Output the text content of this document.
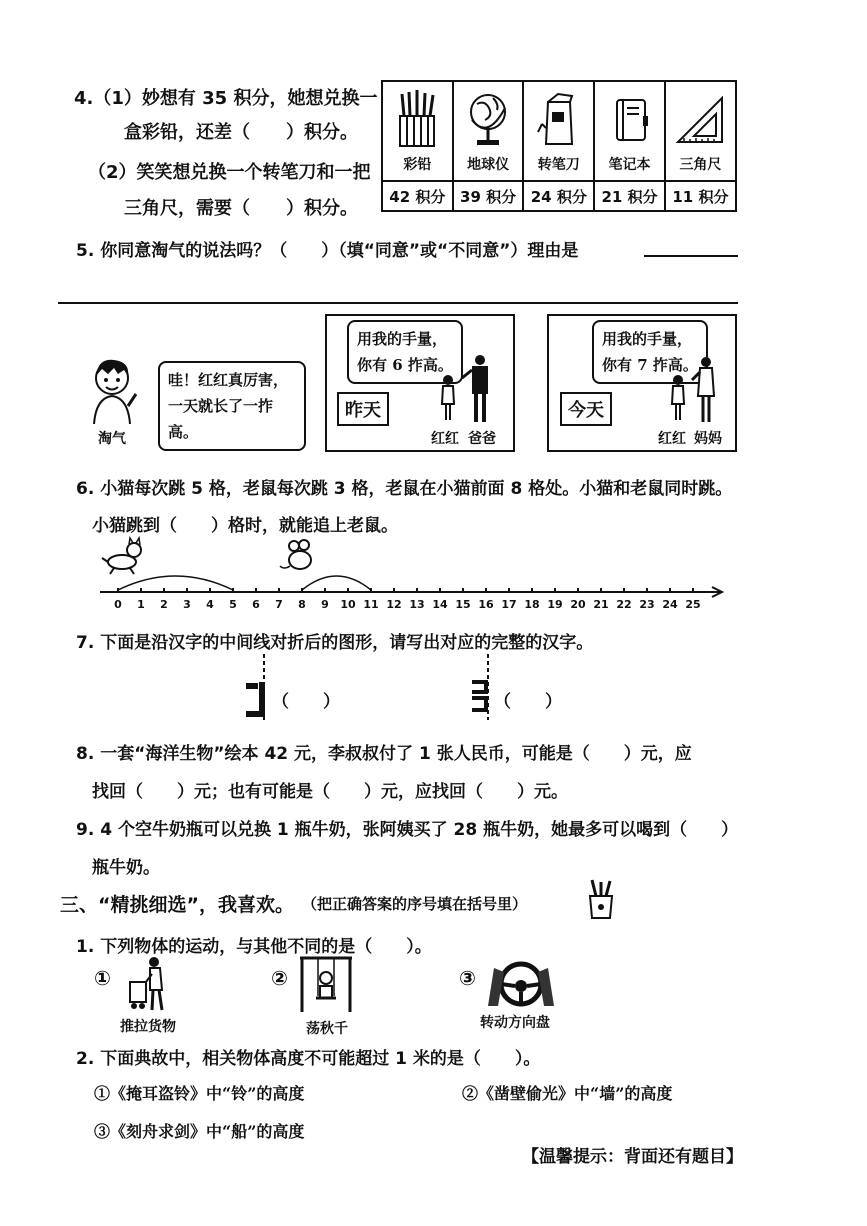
4.（1）妙想有 35 积分，她想兑换一
盒彩铅，还差（　　）积分。
（2）笑笑想兑换一个转笔刀和一把
三角尺，需要（　　）积分。
彩铅	地球仪	转笔刀	笔记本	三角尺

42 积分	39 积分	24 积分	21 积分	11 积分
5. 你同意淘气的说法吗？（　　）（填“同意”或“不同意”）理由是
淘气
哇！红红真厉害，一天就长了一拃高。
用我的手量，你有 6 拃高。
昨天
红红 爸爸
用我的手量，你有 7 拃高。
今天
红红 妈妈
6. 小猫每次跳 5 格，老鼠每次跳 3 格，老鼠在小猫前面 8 格处。小猫和老鼠同时跳。
小猫跳到（　　）格时，就能追上老鼠。
0 1 2 3 4 5 6 7 8 9 10 11 12 13 14 15 16 17 18 19 20 21 22 23 24 25
7. 下面是沿汉字的中间线对折后的图形，请写出对应的完整的汉字。
（　　）	（　　）
8. 一套“海洋生物”绘本 42 元，李叔叔付了 1 张人民币，可能是（　　）元，应
找回（　　）元；也有可能是（　　）元，应找回（　　）元。
9. 4 个空牛奶瓶可以兑换 1 瓶牛奶，张阿姨买了 28 瓶牛奶，她最多可以喝到（　　）
瓶牛奶。
三、“精挑细选”，我喜欢。 （把正确答案的序号填在括号里）
1. 下列物体的运动，与其他不同的是（　　）。
①
推拉货物
②
荡秋千
③
转动方向盘
2. 下面典故中，相关物体高度不可能超过 1 米的是（　　）。
①《掩耳盗铃》中“铃”的高度	②《凿壁偷光》中“墙”的高度
③《刻舟求剑》中“船”的高度
【温馨提示：背面还有题目】
